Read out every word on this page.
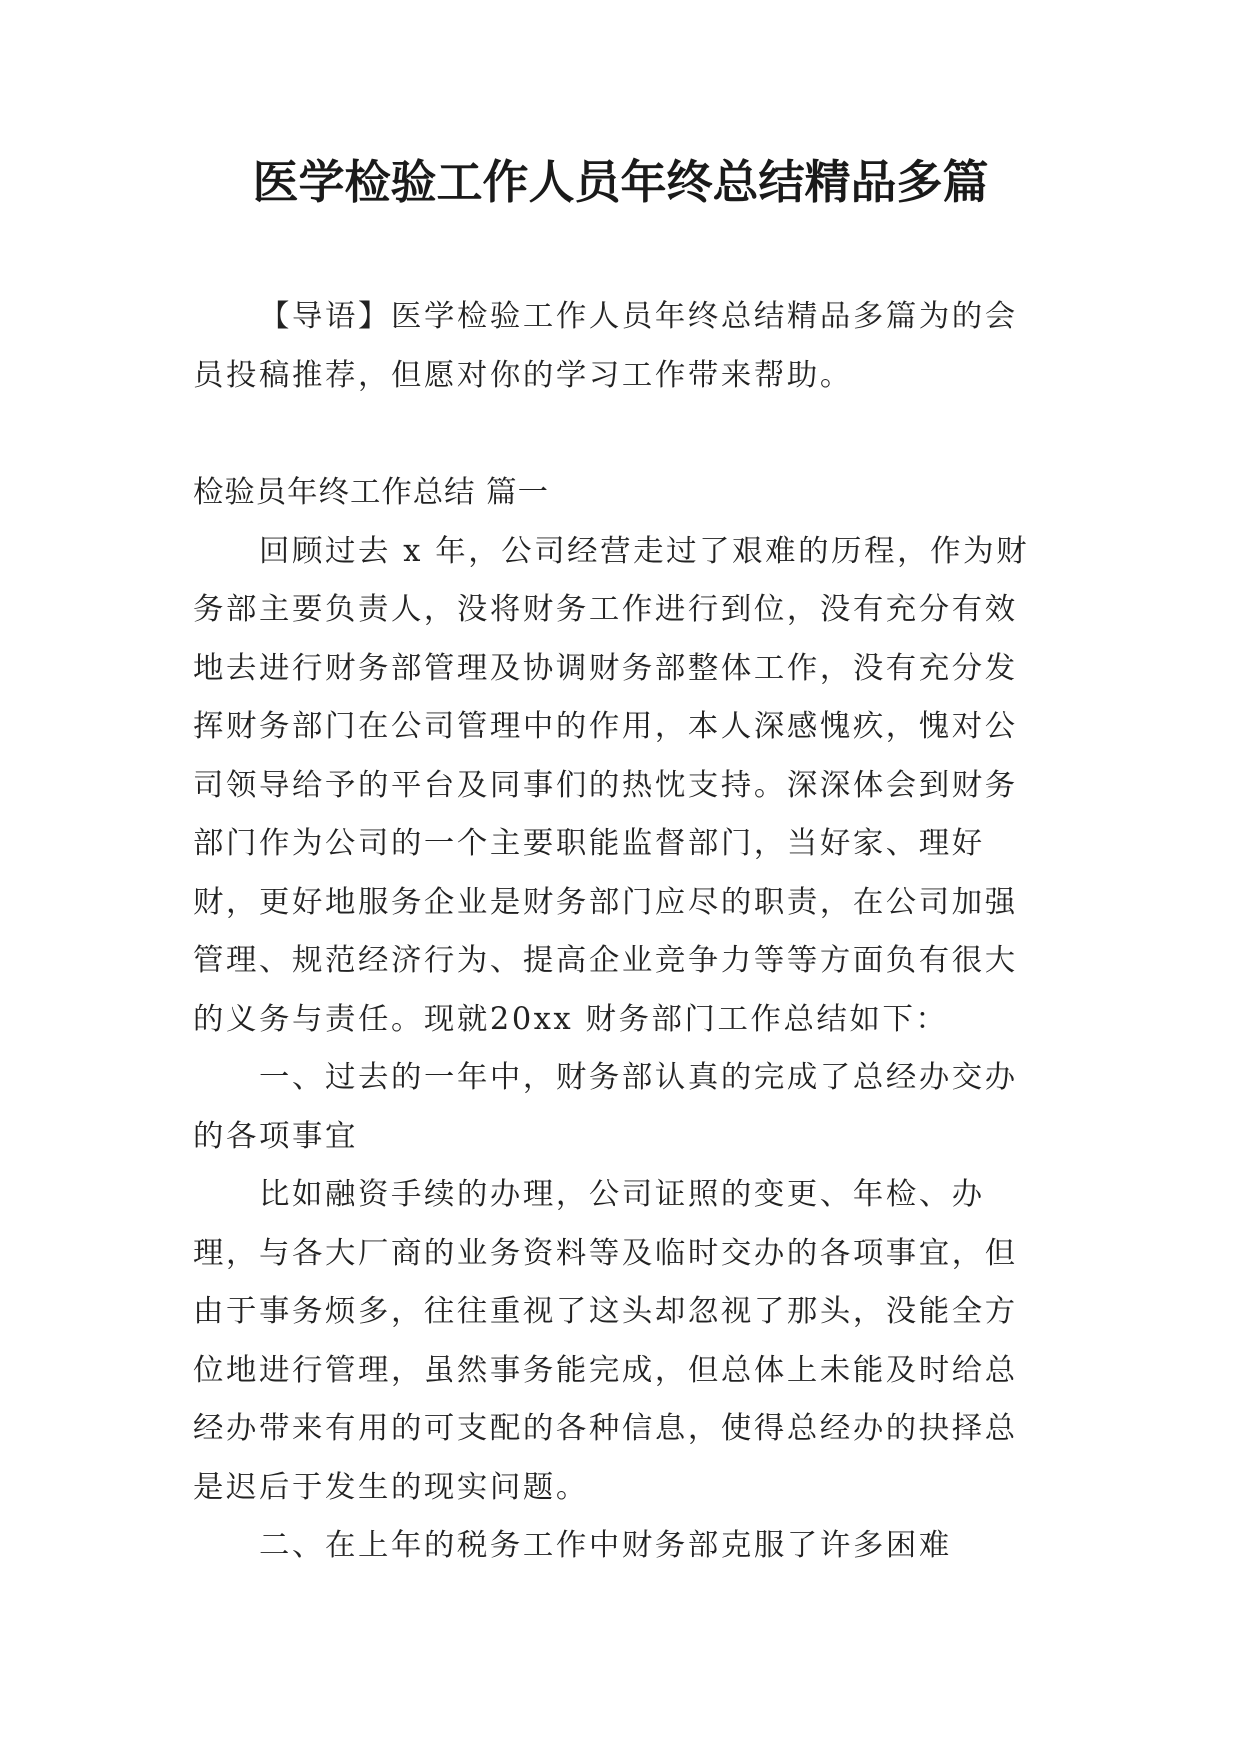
医学检验工作人员年终总结精品多篇

【导语】医学检验工作人员年终总结精品多篇为的会员投稿推荐，但愿对你的学习工作带来帮助。

检验员年终工作总结 篇一

回顾过去 x 年，公司经营走过了艰难的历程，作为财务部主要负责人，没将财务工作进行到位，没有充分有效地去进行财务部管理及协调财务部整体工作，没有充分发挥财务部门在公司管理中的作用，本人深感愧疚，愧对公司领导给予的平台及同事们的热忱支持。深深体会到财务部门作为公司的一个主要职能监督部门，当好家、理好财，更好地服务企业是财务部门应尽的职责，在公司加强管理、规范经济行为、提高企业竞争力等等方面负有很大的义务与责任。现就20xx 财务部门工作总结如下：

一、过去的一年中，财务部认真的完成了总经办交办的各项事宜

比如融资手续的办理，公司证照的变更、年检、办理，与各大厂商的业务资料等及临时交办的各项事宜，但由于事务烦多，往往重视了这头却忽视了那头，没能全方位地进行管理，虽然事务能完成，但总体上未能及时给总经办带来有用的可支配的各种信息，使得总经办的抉择总是迟后于发生的现实问题。

二、在上年的税务工作中财务部克服了许多困难
